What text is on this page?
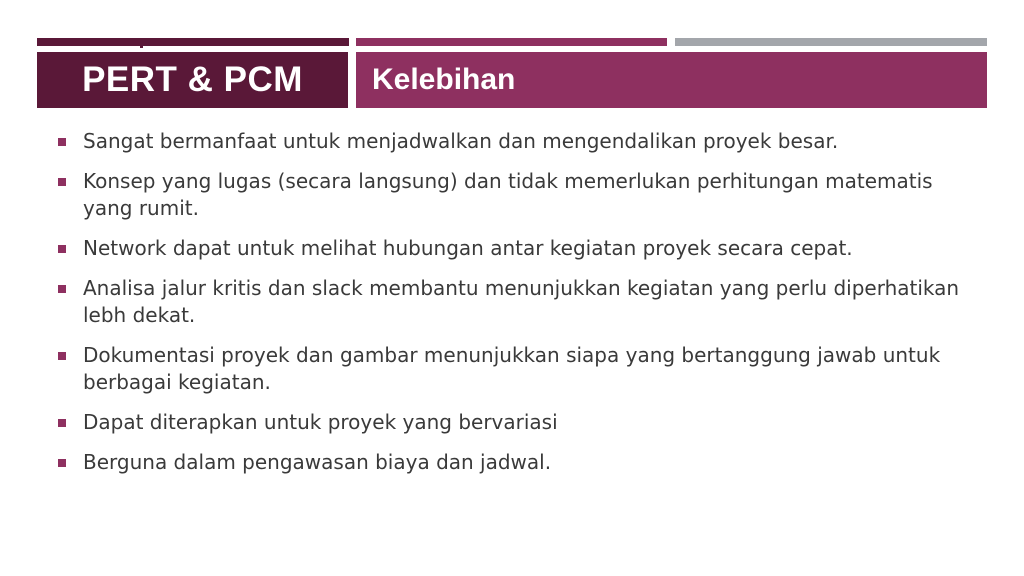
PERT & PCM Kelebihan
Sangat bermanfaat untuk menjadwalkan dan mengendalikan proyek besar.
Konsep yang lugas (secara langsung) dan tidak memerlukan perhitungan matematis yang rumit.
Network dapat untuk melihat hubungan antar kegiatan proyek secara cepat.
Analisa jalur kritis dan slack membantu menunjukkan kegiatan yang perlu diperhatikan lebh dekat.
Dokumentasi proyek dan gambar menunjukkan siapa yang bertanggung jawab untuk berbagai kegiatan.
Dapat diterapkan untuk proyek yang bervariasi
Berguna dalam pengawasan biaya dan jadwal.
